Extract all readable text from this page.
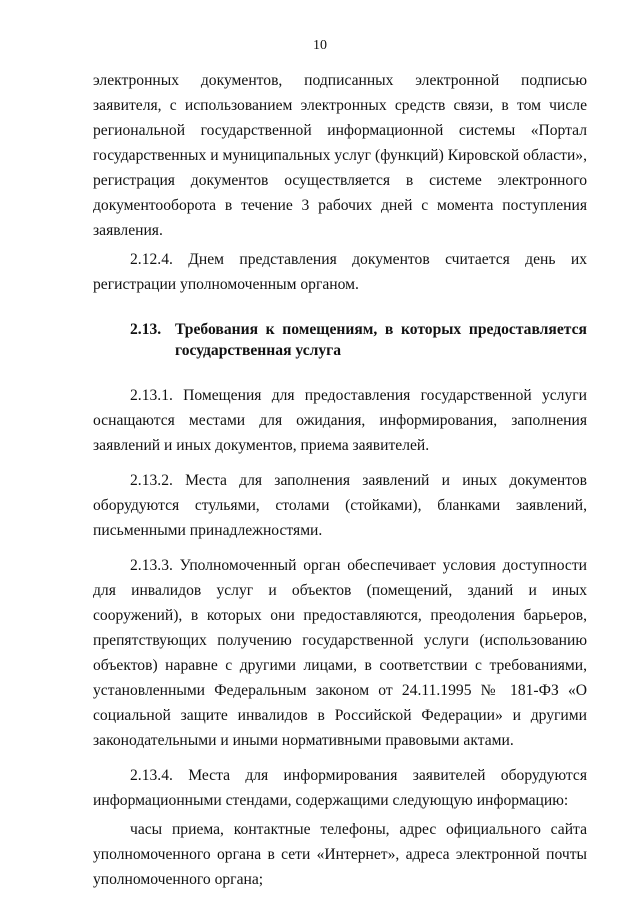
10

электронных документов, подписанных электронной подписью заявителя, с использованием электронных средств связи, в том числе региональной государственной информационной системы «Портал государственных и муниципальных услуг (функций) Кировской области», регистрация документов осуществляется в системе электронного документооборота в течение 3 рабочих дней с момента поступления заявления.

2.12.4. Днем представления документов считается день их регистрации уполномоченным органом.

2.13. Требования к помещениям, в которых предоставляется государственная услуга

2.13.1. Помещения для предоставления государственной услуги оснащаются местами для ожидания, информирования, заполнения заявлений и иных документов, приема заявителей.

2.13.2. Места для заполнения заявлений и иных документов оборудуются стульями, столами (стойками), бланками заявлений, письменными принадлежностями.

2.13.3. Уполномоченный орган обеспечивает условия доступности для инвалидов услуг и объектов (помещений, зданий и иных сооружений), в которых они предоставляются, преодоления барьеров, препятствующих получению государственной услуги (использованию объектов) наравне с другими лицами, в соответствии с требованиями, установленными Федеральным законом от 24.11.1995 № 181-ФЗ «О социальной защите инвалидов в Российской Федерации» и другими законодательными и иными нормативными правовыми актами.

2.13.4. Места для информирования заявителей оборудуются информационными стендами, содержащими следующую информацию:

часы приема, контактные телефоны, адрес официального сайта уполномоченного органа в сети «Интернет», адреса электронной почты уполномоченного органа;
